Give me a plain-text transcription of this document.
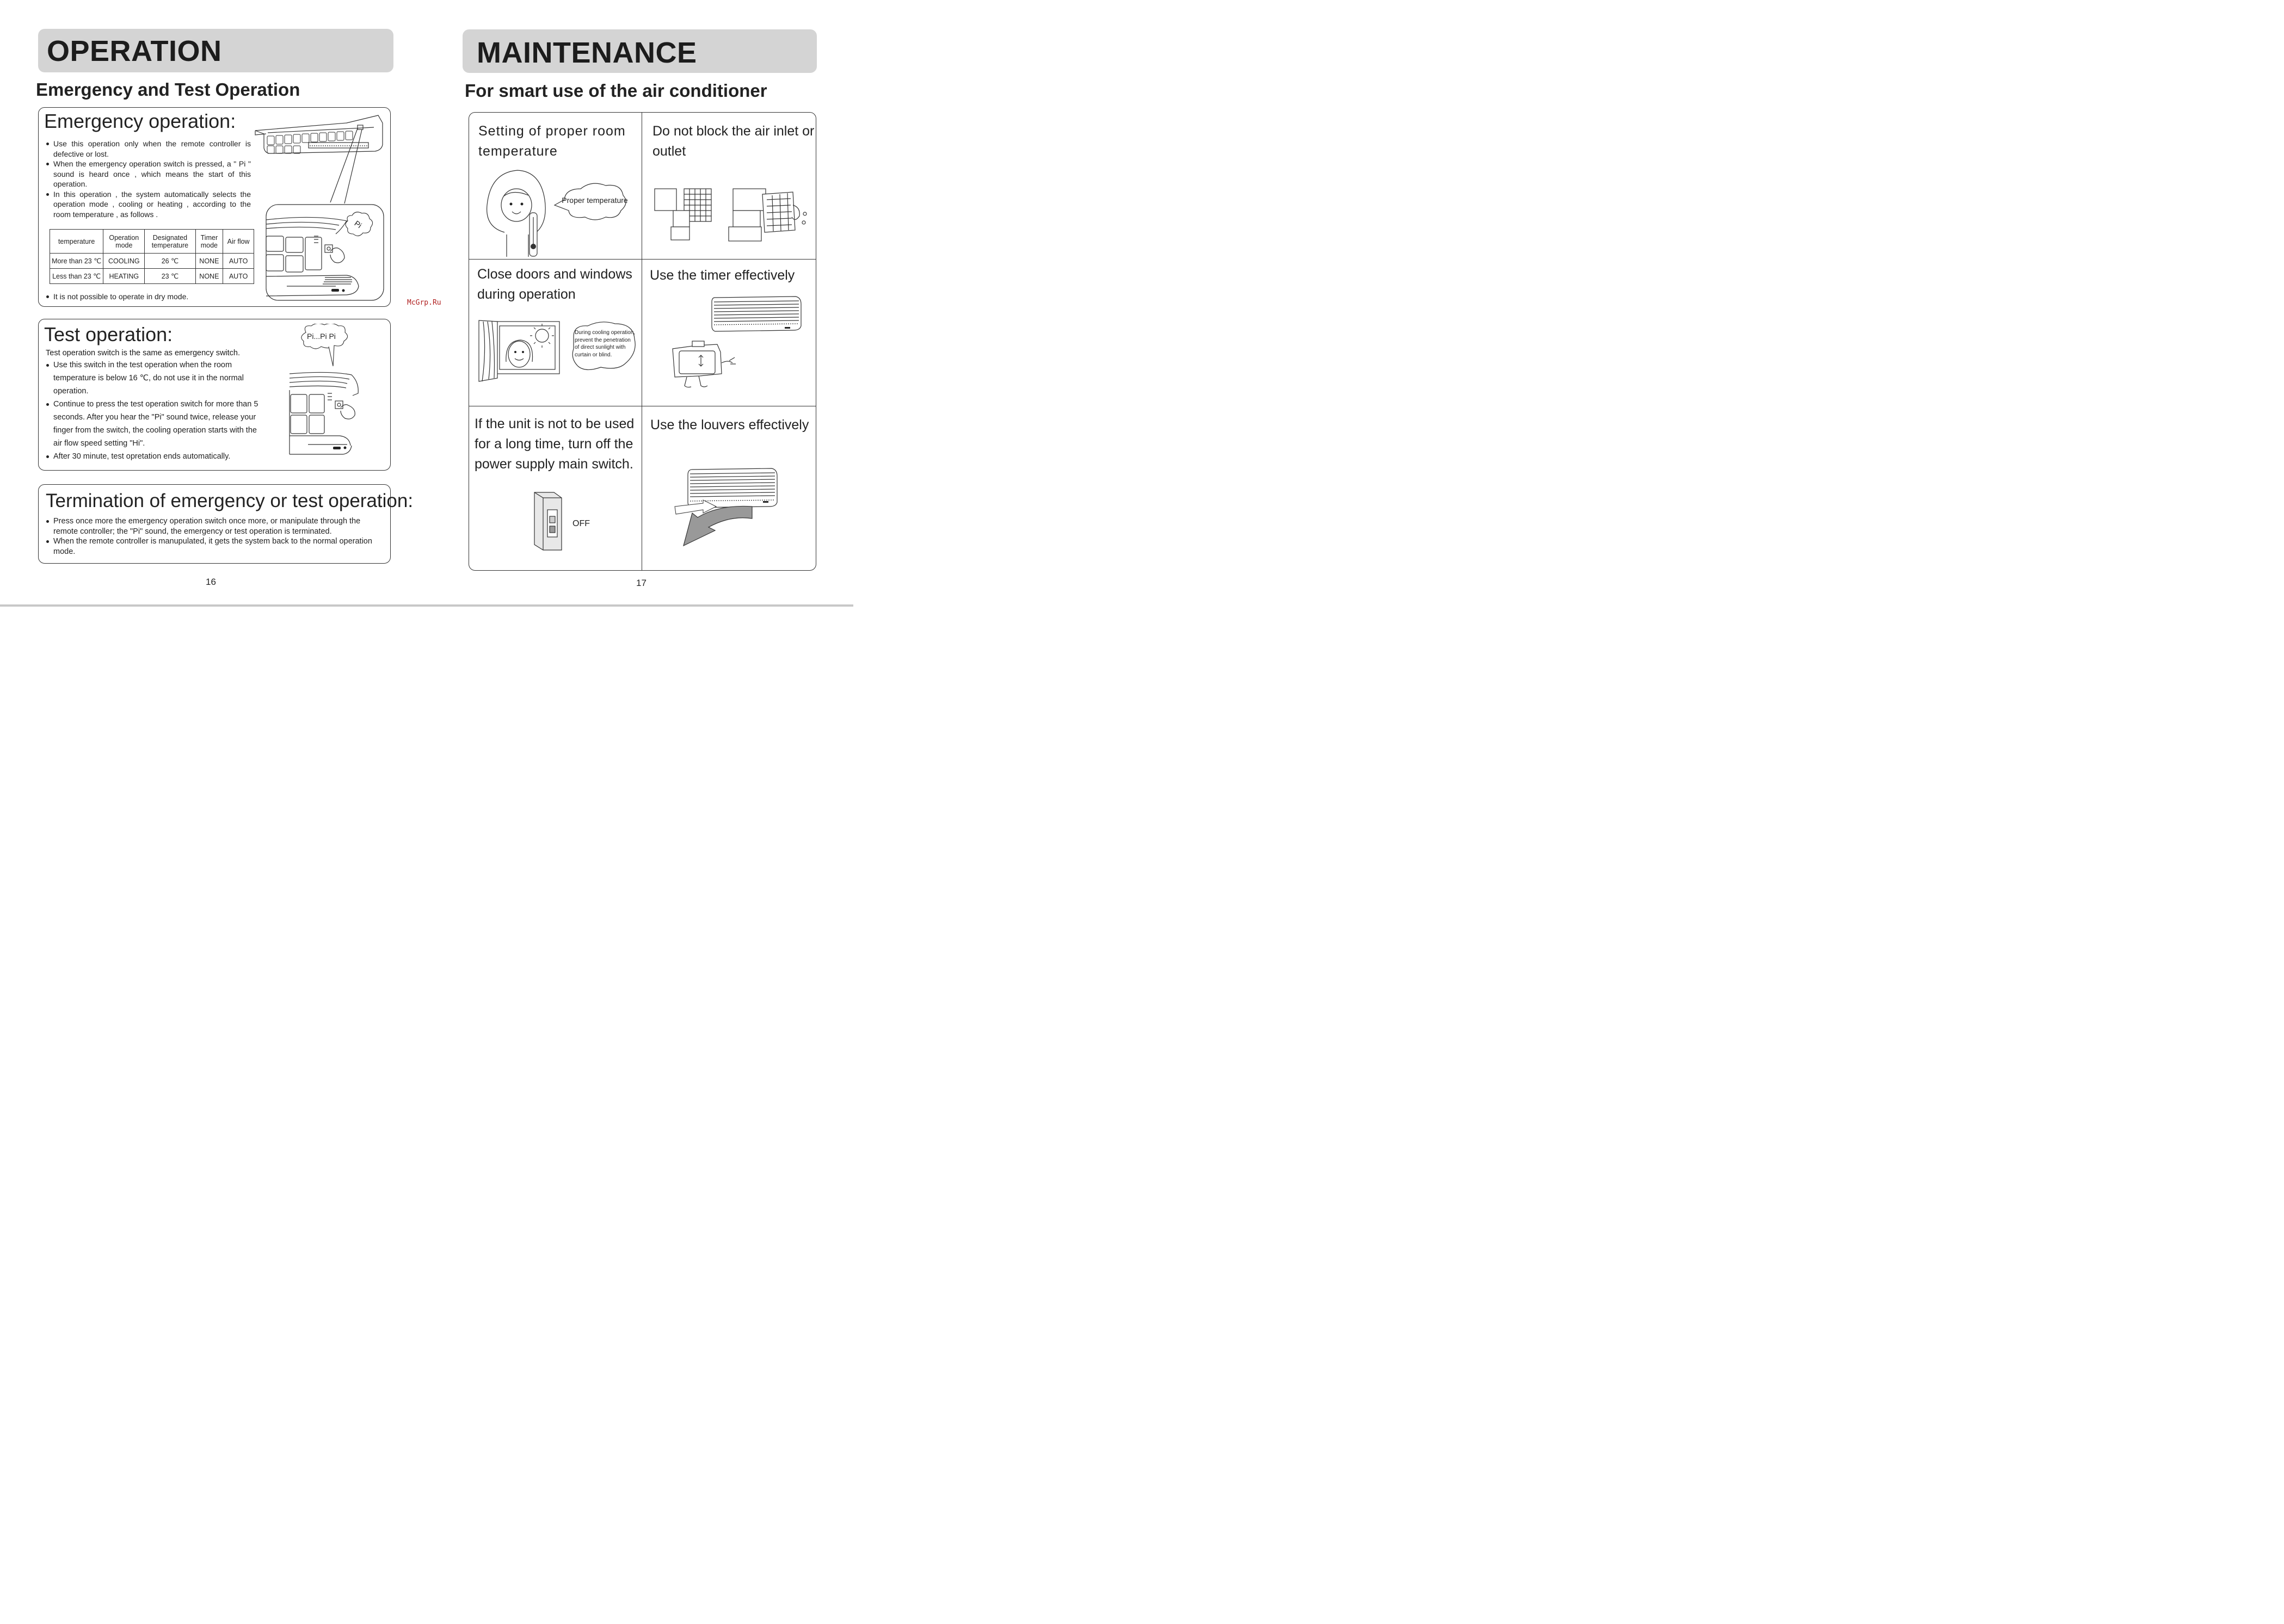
OPERATION
Emergency and Test Operation
Emergency operation:
Use this operation only when the remote controller is defective or lost.
When the emergency operation switch is pressed, a " Pi " sound is heard once , which means the start of this operation.
In this operation , the system automatically selects the operation mode , cooling or heating , according to the room temperature , as follows .
temperature	Operation mode	Designated temperature	Timer mode	Air flow
More than 23 ℃	COOLING	26 ℃	NONE	AUTO
Less than 23 ℃	HEATING	23 ℃	NONE	AUTO
It is not possible to operate in dry mode.
Pi
Test operation:
Test operation switch is the same as emergency switch.
Use this switch in the test operation when the room temperature is below 16 ℃, do not use it in the normal operation.
Continue to press the test operation switch for more than 5 seconds. After you hear the "Pi" sound twice, release your finger from the switch, the cooling operation starts with the air flow speed setting "Hi".
After 30 minute, test opretation ends automatically.
Pi...Pi Pi
Termination of emergency or test operation:
Press once more the emergency operation switch once more, or manipulate through the remote controller; the "Pi" sound, the emergency or test operation is terminated.
When the remote controller is manupulated, it gets the system back to the normal operation mode.
16
McGrp.Ru
MAINTENANCE
For smart use of the air conditioner
Setting of proper room temperature
Proper temperature
Do not block the air inlet or outlet
Close doors and windows during operation
During cooling operation, prevent the penetration of direct sunlight with curtain or blind.
Use the timer effectively
If the unit is not to be used for a long time, turn off the power supply main switch.
OFF
Use the louvers effectively
17
